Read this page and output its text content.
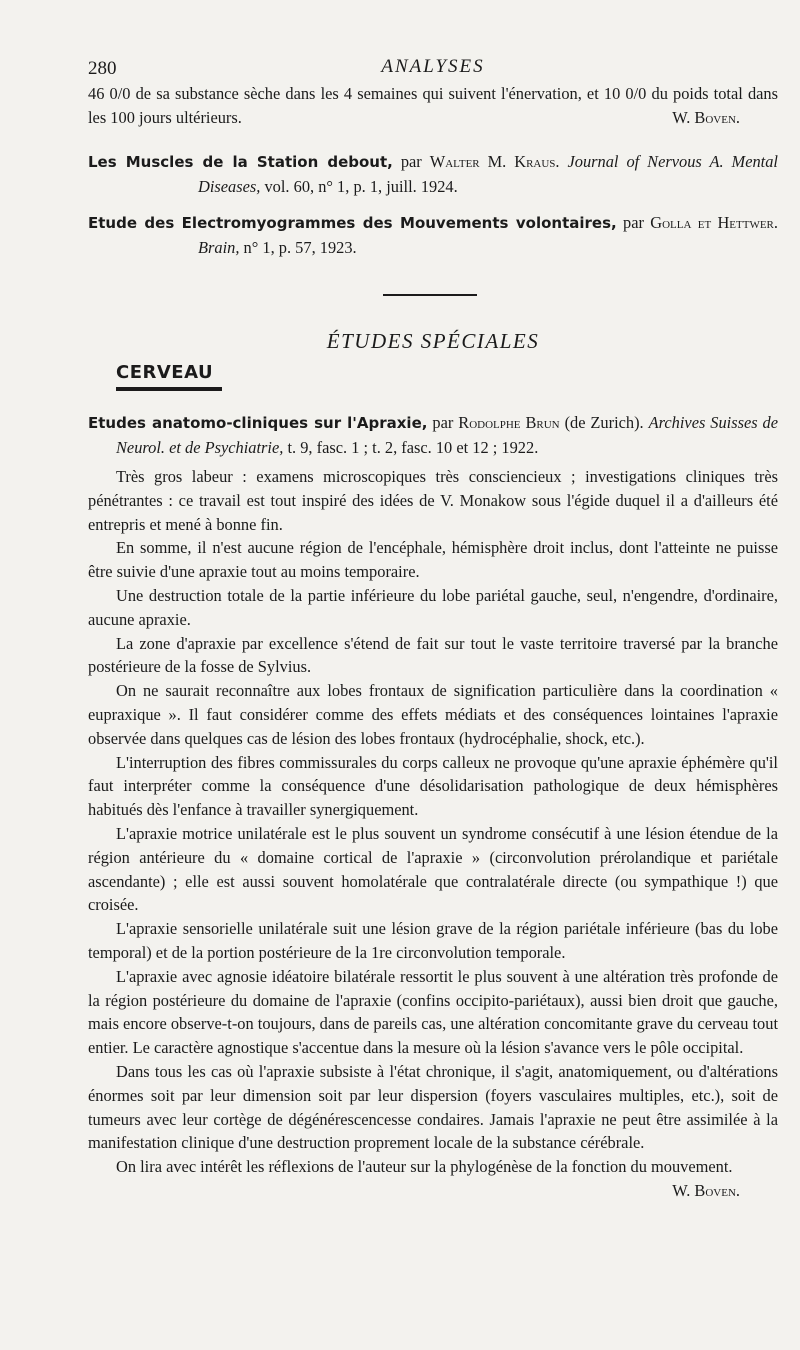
280	ANALYSES

46 0/0 de sa substance sèche dans les 4 semaines qui suivent l'énervation, et 10 0/0 du poids total dans les 100 jours ultérieurs.	W. Boven.

Les Muscles de la Station debout, par Walter M. Kraus. Journal of Nervous A. Mental Diseases, vol. 60, n° 1, p. 1, juill. 1924.

Etude des Electromyogrammes des Mouvements volontaires, par Golla et Hettwer. Brain, n° 1, p. 57, 1923.

ÉTUDES SPÉCIALES
CERVEAU

Etudes anatomo-cliniques sur l'Apraxie, par Rodolphe Brun (de Zurich). Archives Suisses de Neurol. et de Psychiatrie, t. 9, fasc. 1 ; t. 2, fasc. 10 et 12 ; 1922.

Très gros labeur : examens microscopiques très consciencieux ; investigations cliniques très pénétrantes : ce travail est tout inspiré des idées de V. Monakow sous l'égide duquel il a d'ailleurs été entrepris et mené à bonne fin.

En somme, il n'est aucune région de l'encéphale, hémisphère droit inclus, dont l'atteinte ne puisse être suivie d'une apraxie tout au moins temporaire.

Une destruction totale de la partie inférieure du lobe pariétal gauche, seul, n'engendre, d'ordinaire, aucune apraxie.

La zone d'apraxie par excellence s'étend de fait sur tout le vaste territoire traversé par la branche postérieure de la fosse de Sylvius.

On ne saurait reconnaître aux lobes frontaux de signification particulière dans la coordination « eupraxique ». Il faut considérer comme des effets médiats et des conséquences lointaines l'apraxie observée dans quelques cas de lésion des lobes frontaux (hydrocéphalie, shock, etc.).

L'interruption des fibres commissurales du corps calleux ne provoque qu'une apraxie éphémère qu'il faut interpréter comme la conséquence d'une désolidarisation pathologique de deux hémisphères habitués dès l'enfance à travailler synergiquement.

L'apraxie motrice unilatérale est le plus souvent un syndrome consécutif à une lésion étendue de la région antérieure du « domaine cortical de l'apraxie » (circonvolution prérolandique et pariétale ascendante) ; elle est aussi souvent homolatérale que contralatérale directe (ou sympathique !) que croisée.

L'apraxie sensorielle unilatérale suit une lésion grave de la région pariétale inférieure (bas du lobe temporal) et de la portion postérieure de la 1re circonvolution temporale.

L'apraxie avec agnosie idéatoire bilatérale ressortit le plus souvent à une altération très profonde de la région postérieure du domaine de l'apraxie (confins occipito-pariétaux), aussi bien droit que gauche, mais encore observe-t-on toujours, dans de pareils cas, une altération concomitante grave du cerveau tout entier. Le caractère agnostique s'accentue dans la mesure où la lésion s'avance vers le pôle occipital.

Dans tous les cas où l'apraxie subsiste à l'état chronique, il s'agit, anatomiquement, ou d'altérations énormes soit par leur dimension soit par leur dispersion (foyers vasculaires multiples, etc.), soit de tumeurs avec leur cortège de dégénérescencesse condaires. Jamais l'apraxie ne peut être assimilée à la manifestation clinique d'une destruction proprement locale de la substance cérébrale.

On lira avec intérêt les réflexions de l'auteur sur la phylogénèse de la fonction du mouvement.
W. Boven.
